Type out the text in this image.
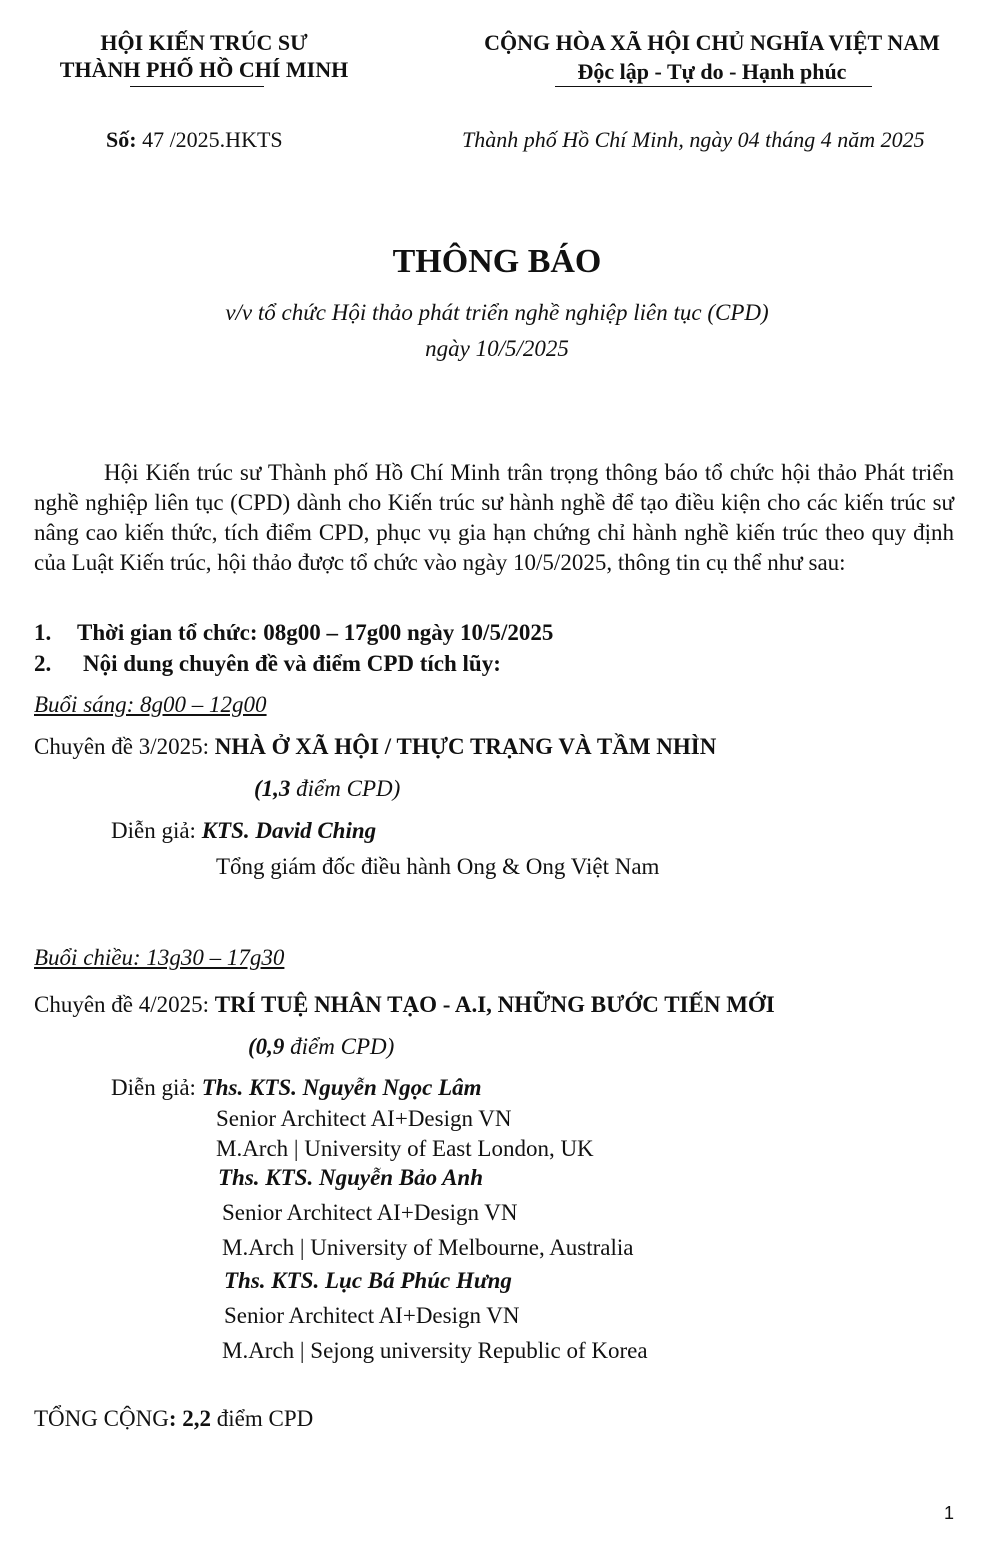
HỘI KIẾN TRÚC SƯ
THÀNH PHỐ HỒ CHÍ MINH
CỘNG HÒA XÃ HỘI CHỦ NGHĨA VIỆT NAM
Độc lập - Tự do - Hạnh phúc
Số: 47 /2025.HKTS	Thành phố Hồ Chí Minh, ngày 04 tháng 4 năm 2025
THÔNG BÁO
v/v tổ chức Hội thảo phát triển nghề nghiệp liên tục (CPD)
ngày 10/5/2025
Hội Kiến trúc sư Thành phố Hồ Chí Minh trân trọng thông báo tổ chức hội thảo Phát triển nghề nghiệp liên tục (CPD) dành cho Kiến trúc sư hành nghề để tạo điều kiện cho các kiến trúc sư nâng cao kiến thức, tích điểm CPD, phục vụ gia hạn chứng chỉ hành nghề kiến trúc theo quy định của Luật Kiến trúc, hội thảo được tổ chức vào ngày 10/5/2025, thông tin cụ thể như sau:
1. Thời gian tổ chức: 08g00 – 17g00 ngày 10/5/2025
2. Nội dung chuyên đề và điểm CPD tích lũy:
Buổi sáng: 8g00 – 12g00
Chuyên đề 3/2025: NHÀ Ở XÃ HỘI / THỰC TRẠNG VÀ TẦM NHÌN
(1,3 điểm CPD)
Diễn giả: KTS. David Ching
Tổng giám đốc điều hành Ong & Ong Việt Nam
Buổi chiều: 13g30 – 17g30
Chuyên đề 4/2025: TRÍ TUỆ NHÂN TẠO - A.I, NHỮNG BƯỚC TIẾN MỚI
(0,9 điểm CPD)
Diễn giả: Ths. KTS. Nguyễn Ngọc Lâm
Senior Architect AI+Design VN
M.Arch | University of East London, UK
Ths. KTS. Nguyễn Bảo Anh
Senior Architect AI+Design VN
M.Arch | University of Melbourne, Australia
Ths. KTS. Lục Bá Phúc Hưng
Senior Architect AI+Design VN
M.Arch | Sejong university Republic of Korea
TỔNG CỘNG: 2,2 điểm CPD
1
